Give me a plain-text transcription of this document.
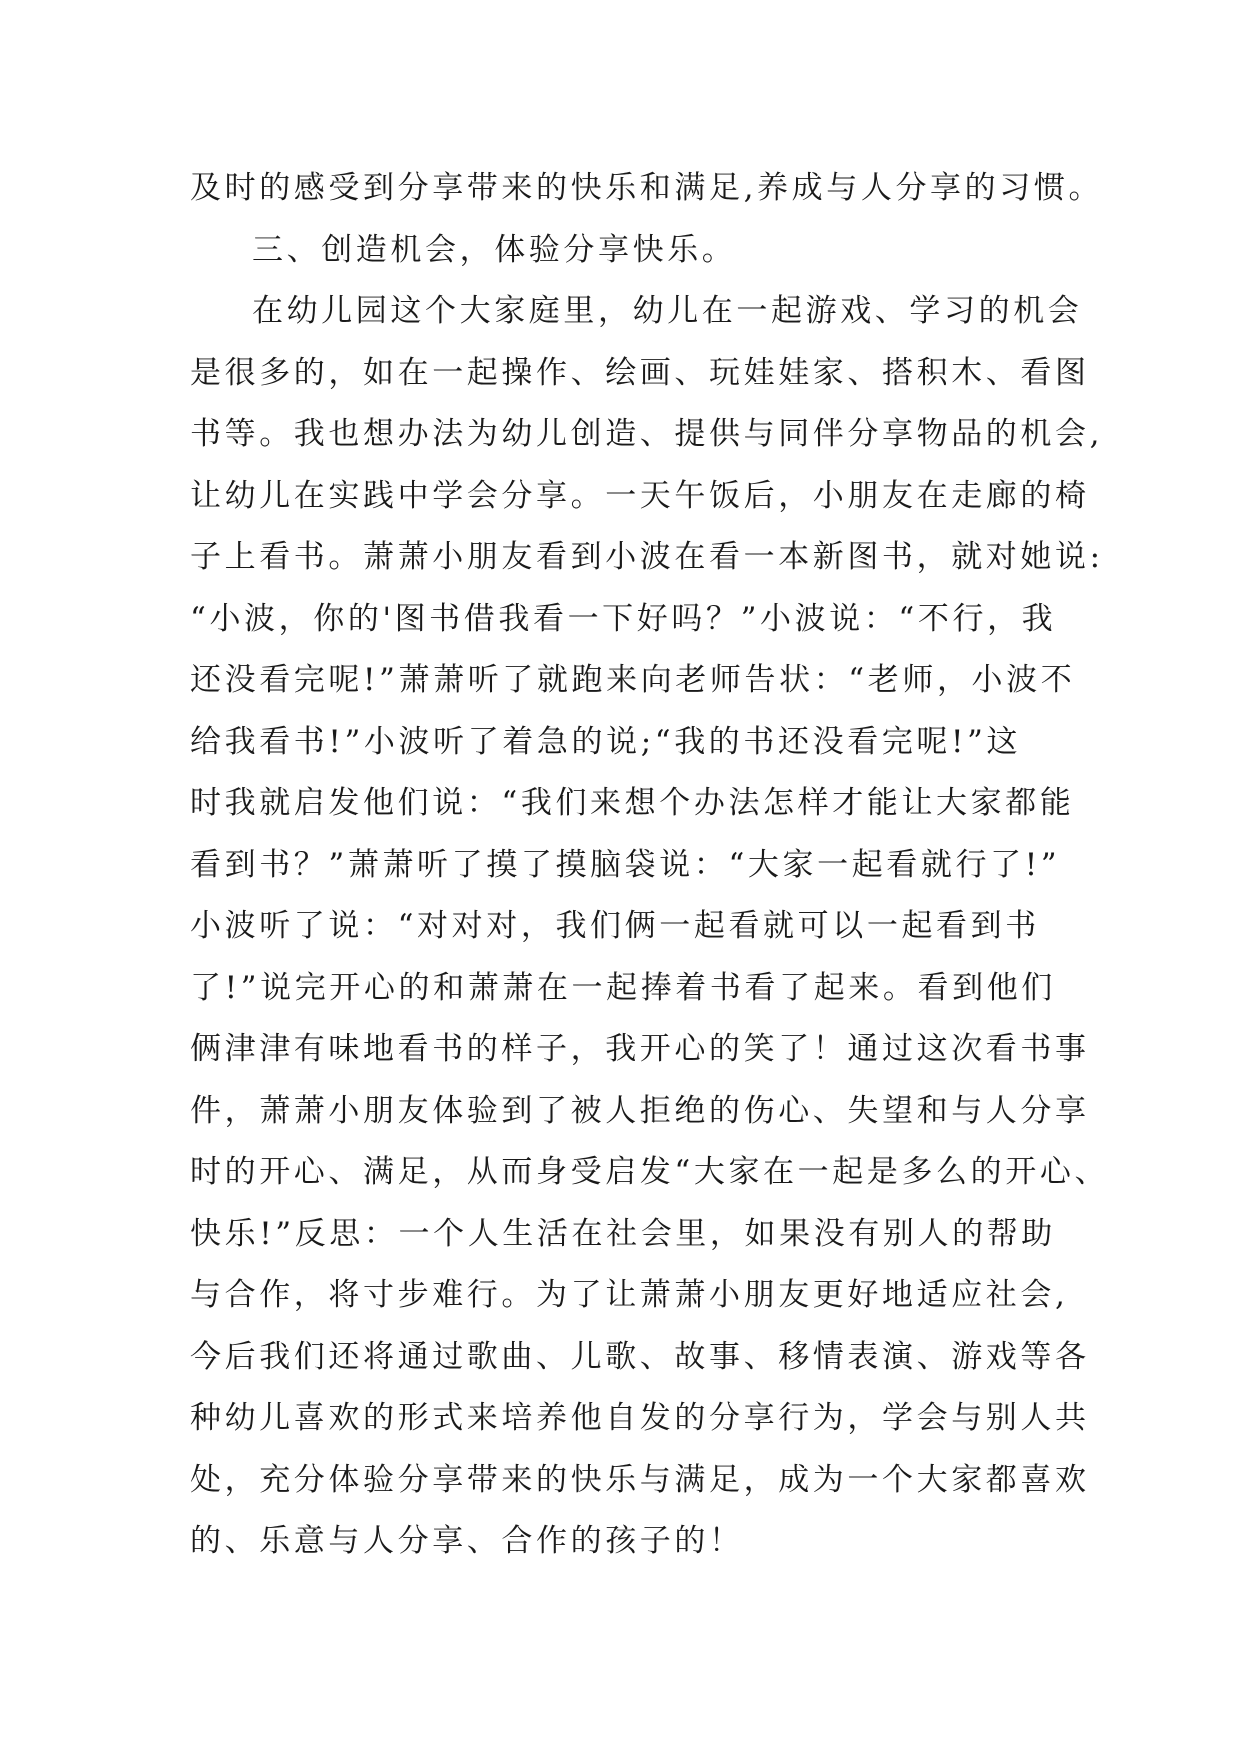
及时的感受到分享带来的快乐和满足,养成与人分享的习惯。
三、创造机会，体验分享快乐。
在幼儿园这个大家庭里，幼儿在一起游戏、学习的机会
是很多的，如在一起操作、绘画、玩娃娃家、搭积木、看图
书等。我也想办法为幼儿创造、提供与同伴分享物品的机会,
让幼儿在实践中学会分享。一天午饭后，小朋友在走廊的椅
子上看书。萧萧小朋友看到小波在看一本新图书，就对她说:
“小波，你的'图书借我看一下好吗？”小波说：“不行，我
还没看完呢!”萧萧听了就跑来向老师告状：“老师，小波不
给我看书!”小波听了着急的说;“我的书还没看完呢!”这
时我就启发他们说：“我们来想个办法怎样才能让大家都能
看到书？”萧萧听了摸了摸脑袋说：“大家一起看就行了!”
小波听了说：“对对对，我们俩一起看就可以一起看到书
了!”说完开心的和萧萧在一起捧着书看了起来。看到他们
俩津津有味地看书的样子，我开心的笑了！通过这次看书事
件，萧萧小朋友体验到了被人拒绝的伤心、失望和与人分享
时的开心、满足，从而身受启发“大家在一起是多么的开心、
快乐!”反思：一个人生活在社会里，如果没有别人的帮助
与合作，将寸步难行。为了让萧萧小朋友更好地适应社会,
今后我们还将通过歌曲、儿歌、故事、移情表演、游戏等各
种幼儿喜欢的形式来培养他自发的分享行为，学会与别人共
处，充分体验分享带来的快乐与满足，成为一个大家都喜欢
的、乐意与人分享、合作的孩子的！
